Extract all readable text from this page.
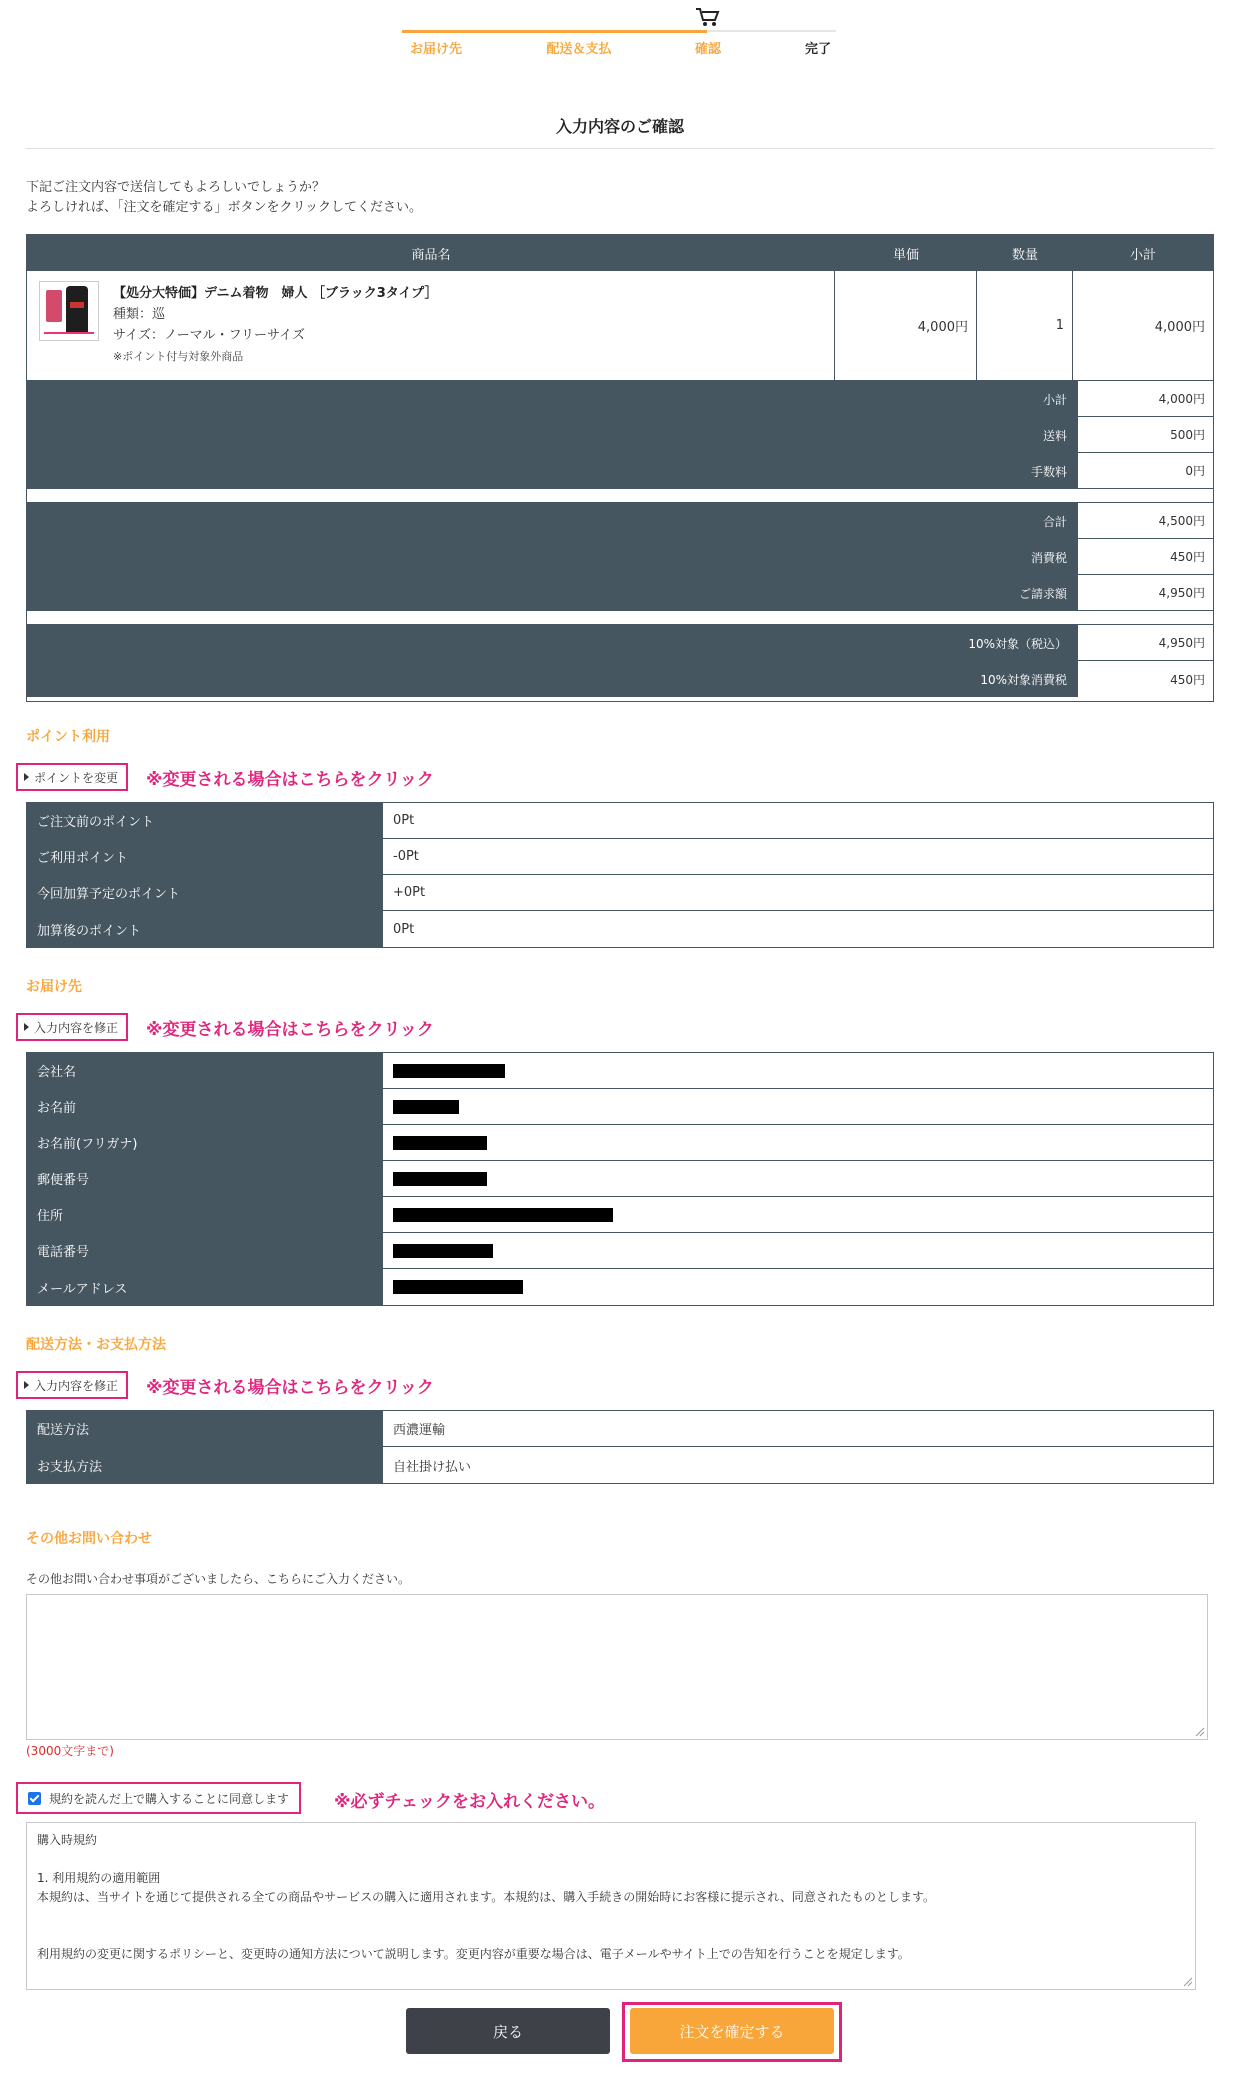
お届け先	配送＆支払	確認	完了
入力内容のご確認
下記ご注文内容で送信してもよろしいでしょうか？
よろしければ、「注文を確定する」ボタンをクリックしてください。
商品名	単価	数量	小計
【処分大特価】デニム着物　婦人 ［ブラック3タイプ］
種類：巡
サイズ：ノーマル・フリーサイズ
※ポイント付与対象外商品
4,000円	1	4,000円
小計	4,000円
送料	500円
手数料	0円
合計	4,500円
消費税	450円
ご請求額	4,950円
10%対象（税込）	4,950円
10%対象消費税	450円
ポイント利用
ポイントを変更 ※変更される場合はこちらをクリック
ご注文前のポイント	0Pt
ご利用ポイント	-0Pt
今回加算予定のポイント	+0Pt
加算後のポイント	0Pt
お届け先
入力内容を修正 ※変更される場合はこちらをクリック
会社名
お名前
お名前(フリガナ)
郵便番号
住所
電話番号
メールアドレス
配送方法・お支払方法
入力内容を修正 ※変更される場合はこちらをクリック
配送方法	西濃運輸
お支払方法	自社掛け払い
その他お問い合わせ
その他お問い合わせ事項がございましたら、こちらにご入力ください。
(3000文字まで)
規約を読んだ上で購入することに同意します	※必ずチェックをお入れください。

購入時規約

1. 利用規約の適用範囲

本規約は、当サイトを通じて提供される全ての商品やサービスの購入に適用されます。本規約は、購入手続きの開始時にお客様に提示され、同意されたものとします。

利用規約の変更に関するポリシーと、変更時の通知方法について説明します。変更内容が重要な場合は、電子メールやサイト上での告知を行うことを規定します。

戻る	注文を確定する
